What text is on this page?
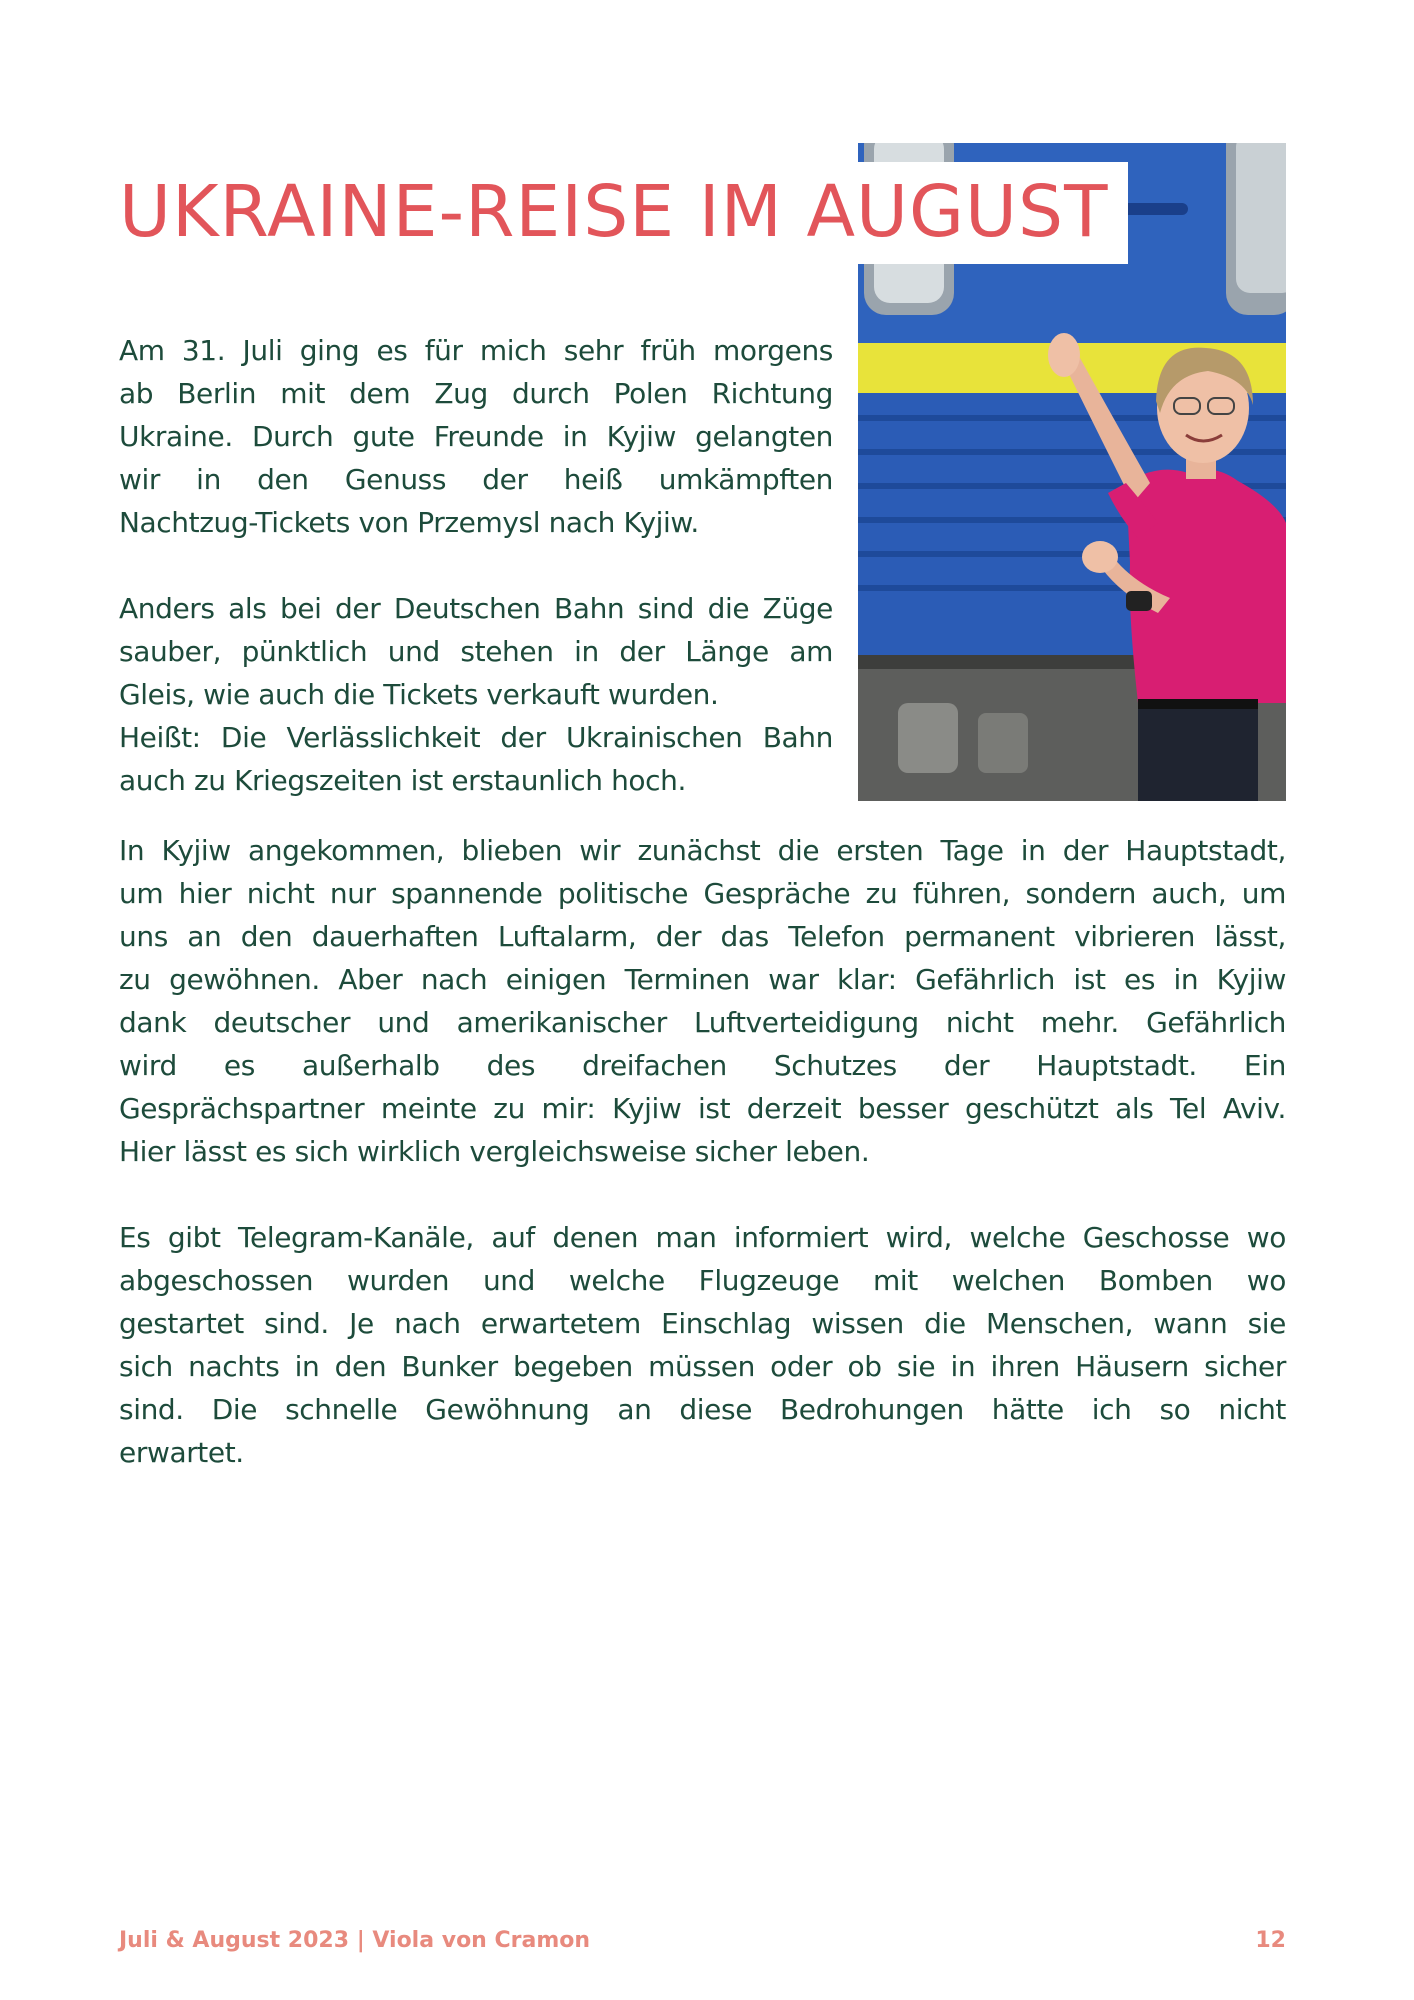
UKRAINE-REISE IM AUGUST

Am 31. Juli ging es für mich sehr früh morgens
ab Berlin mit dem Zug durch Polen Richtung
Ukraine. Durch gute Freunde in Kyjiw gelangten
wir in den Genuss der heiß umkämpften
Nachtzug-Tickets von Przemysl nach Kyjiw.

Anders als bei der Deutschen Bahn sind die Züge
sauber, pünktlich und stehen in der Länge am
Gleis, wie auch die Tickets verkauft wurden.
Heißt: Die Verlässlichkeit der Ukrainischen Bahn
auch zu Kriegszeiten ist erstaunlich hoch.

In Kyjiw angekommen, blieben wir zunächst die ersten Tage in der Hauptstadt,
um hier nicht nur spannende politische Gespräche zu führen, sondern auch, um
uns an den dauerhaften Luftalarm, der das Telefon permanent vibrieren lässt,
zu gewöhnen. Aber nach einigen Terminen war klar: Gefährlich ist es in Kyjiw
dank deutscher und amerikanischer Luftverteidigung nicht mehr. Gefährlich
wird es außerhalb des dreifachen Schutzes der Hauptstadt. Ein
Gesprächspartner meinte zu mir: Kyjiw ist derzeit besser geschützt als Tel Aviv.
Hier lässt es sich wirklich vergleichsweise sicher leben.

Es gibt Telegram-Kanäle, auf denen man informiert wird, welche Geschosse wo
abgeschossen wurden und welche Flugzeuge mit welchen Bomben wo
gestartet sind. Je nach erwartetem Einschlag wissen die Menschen, wann sie
sich nachts in den Bunker begeben müssen oder ob sie in ihren Häusern sicher
sind. Die schnelle Gewöhnung an diese Bedrohungen hätte ich so nicht
erwartet.

Juli & August 2023 | Viola von Cramon	12
